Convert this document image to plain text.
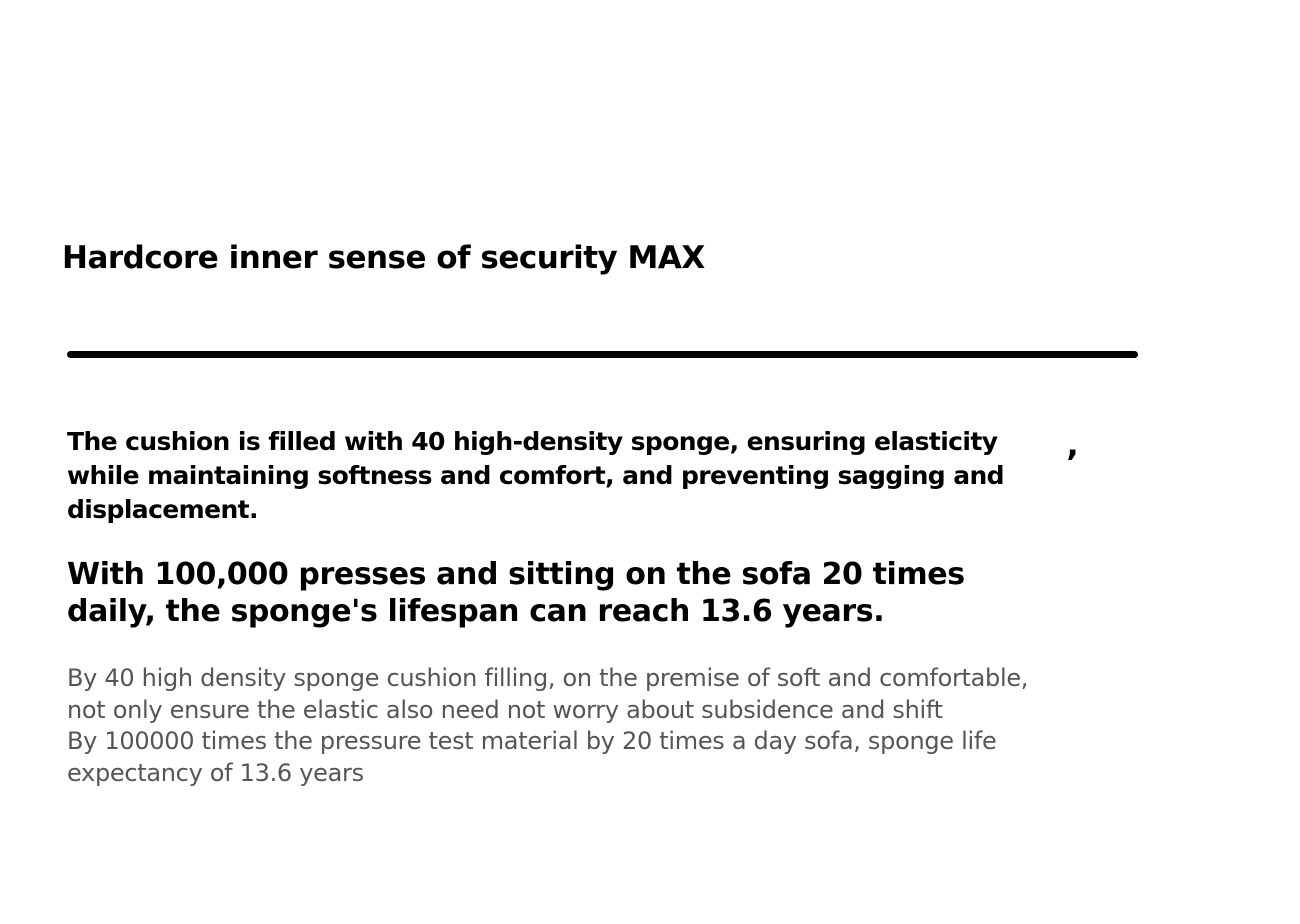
Hardcore inner sense of security MAX

The cushion is filled with 40 high-density sponge, ensuring elasticity
while maintaining softness and comfort, and preventing sagging and
displacement.

’

With 100,000 presses and sitting on the sofa 20 times
daily, the sponge's lifespan can reach 13.6 years.

By 40 high density sponge cushion filling, on the premise of soft and comfortable,
not only ensure the elastic also need not worry about subsidence and shift
By 100000 times the pressure test material by 20 times a day sofa, sponge life
expectancy of 13.6 years
